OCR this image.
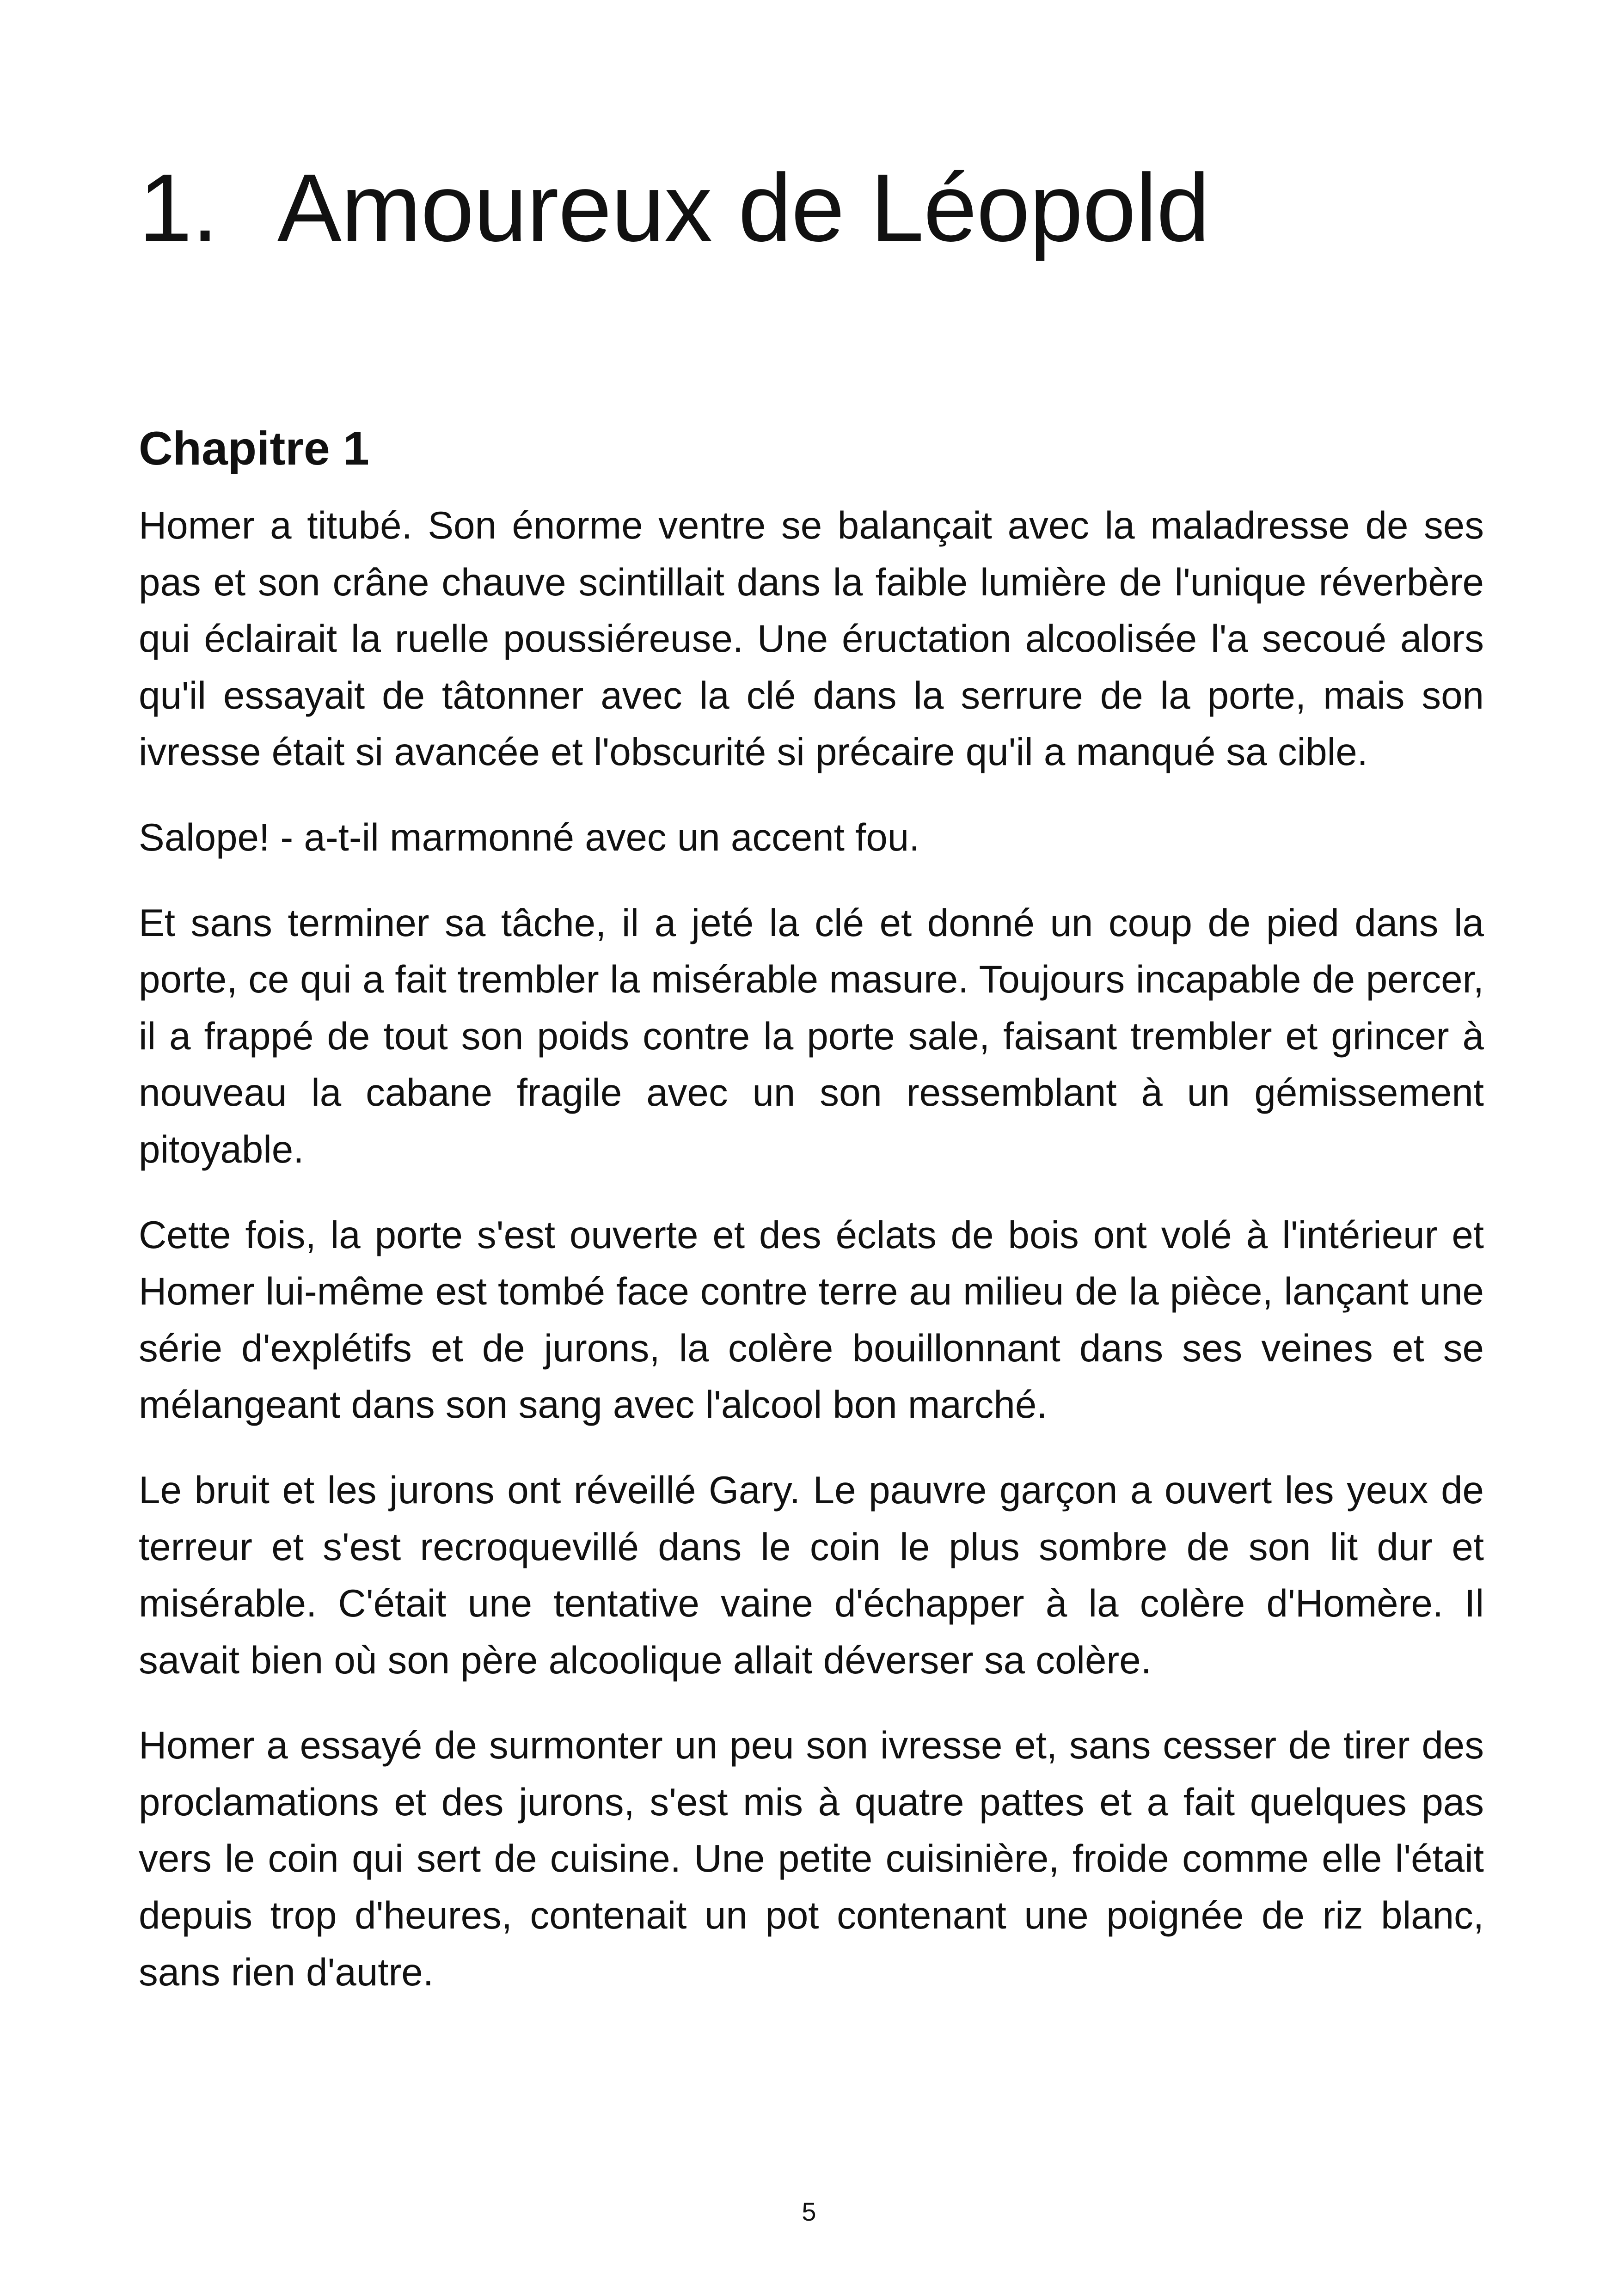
1. Amoureux de Léopold
Chapitre 1

Homer a titubé. Son énorme ventre se balançait avec la maladresse de ses pas et son crâne chauve scintillait dans la faible lumière de l'unique réverbère qui éclairait la ruelle poussiéreuse. Une éructation alcoolisée l'a secoué alors qu'il essayait de tâtonner avec la clé dans la serrure de la porte, mais son ivresse était si avancée et l'obscurité si précaire qu'il a manqué sa cible.

Salope! - a-t-il marmonné avec un accent fou.

Et sans terminer sa tâche, il a jeté la clé et donné un coup de pied dans la porte, ce qui a fait trembler la misérable masure. Toujours incapable de percer, il a frappé de tout son poids contre la porte sale, faisant trembler et grincer à nouveau la cabane fragile avec un son ressemblant à un gémissement pitoyable.

Cette fois, la porte s'est ouverte et des éclats de bois ont volé à l'intérieur et Homer lui-même est tombé face contre terre au milieu de la pièce, lançant une série d'explétifs et de jurons, la colère bouillonnant dans ses veines et se mélangeant dans son sang avec l'alcool bon marché.

Le bruit et les jurons ont réveillé Gary. Le pauvre garçon a ouvert les yeux de terreur et s'est recroquevillé dans le coin le plus sombre de son lit dur et misérable. C'était une tentative vaine d'échapper à la colère d'Homère. Il savait bien où son père alcoolique allait déverser sa colère.

Homer a essayé de surmonter un peu son ivresse et, sans cesser de tirer des proclamations et des jurons, s'est mis à quatre pattes et a fait quelques pas vers le coin qui sert de cuisine. Une petite cuisinière, froide comme elle l'était depuis trop d'heures, contenait un pot contenant une poignée de riz blanc, sans rien d'autre.

5
